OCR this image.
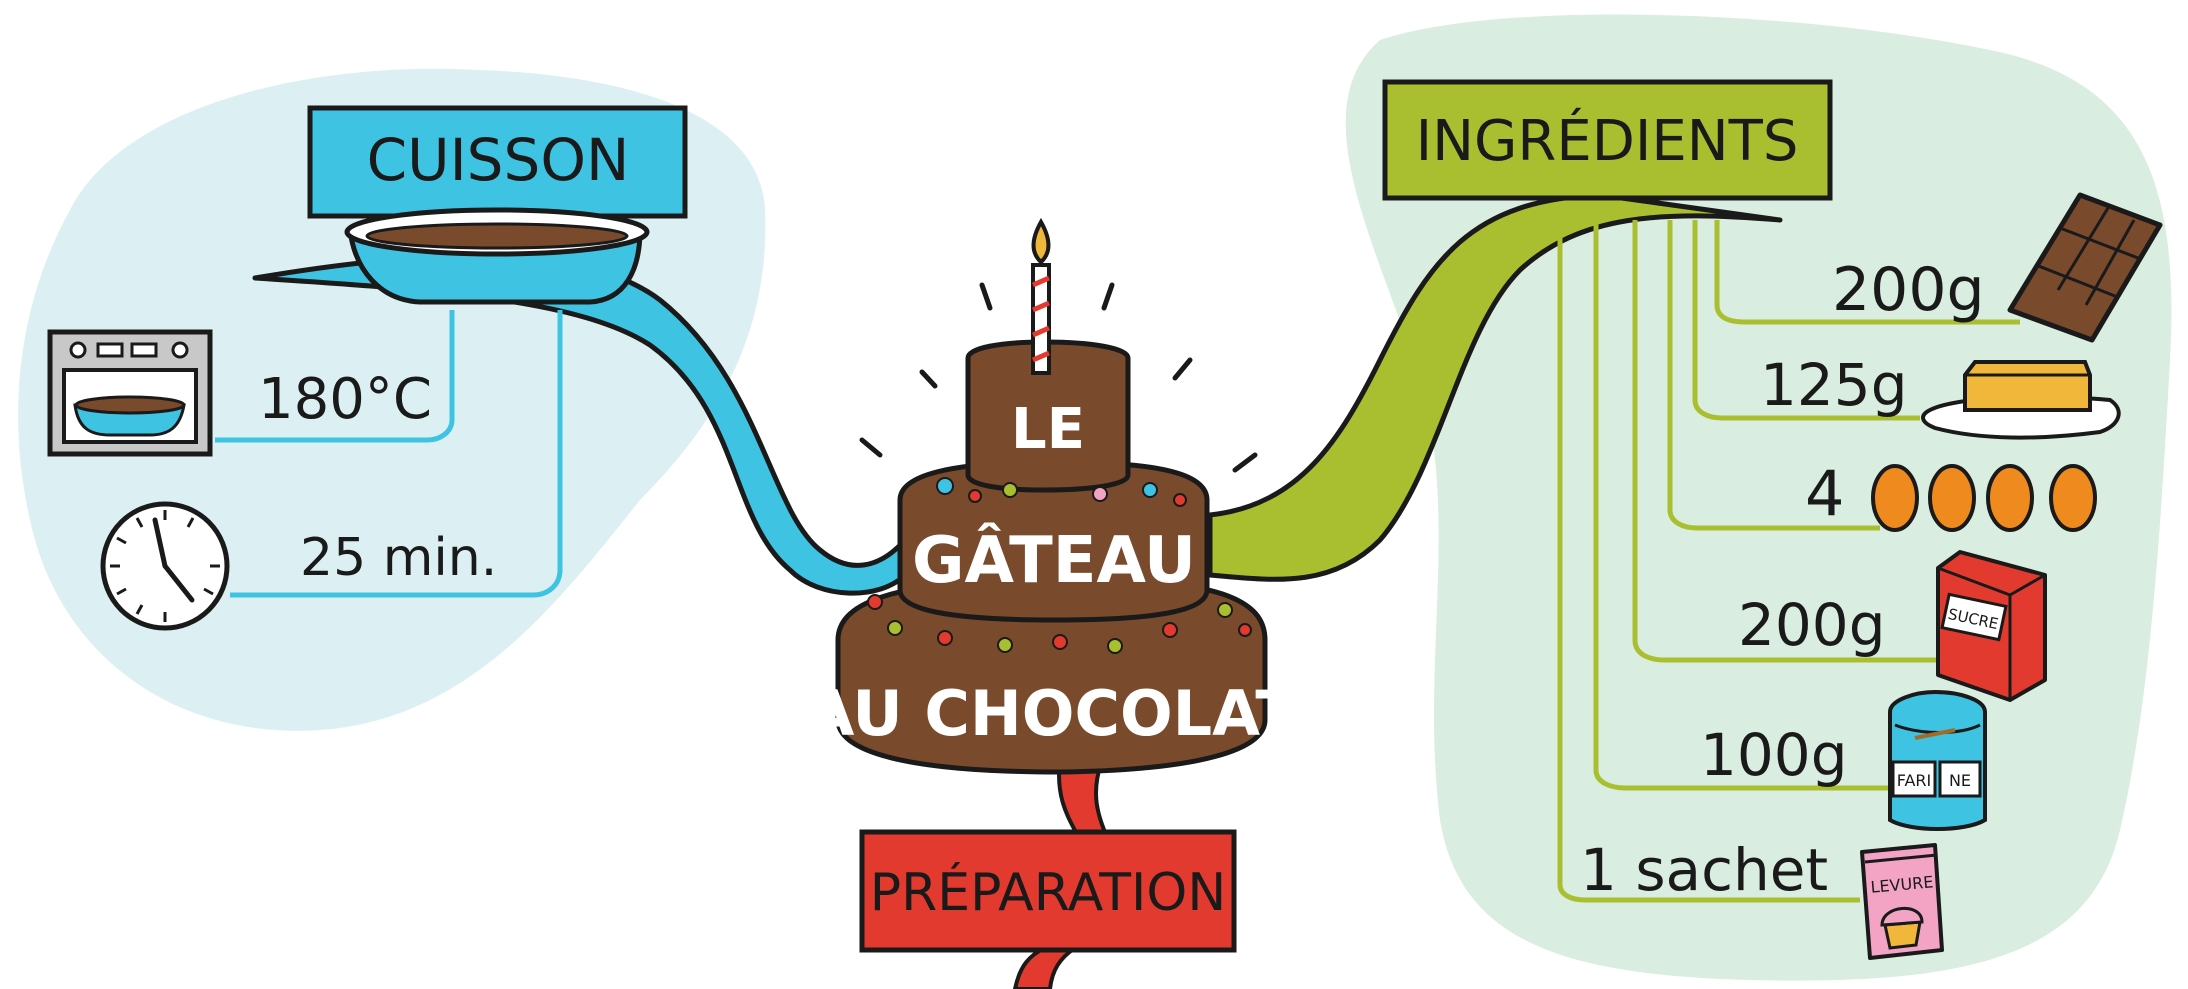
CUISSON
180°C
25 min.
PRÉPARATION
INGRÉDIENTS
200g
125g
4
200g
100g
1 sachet
SUCRE
FARI NE
LEVURE
LE
GÂTEAU
AU CHOCOLAT
